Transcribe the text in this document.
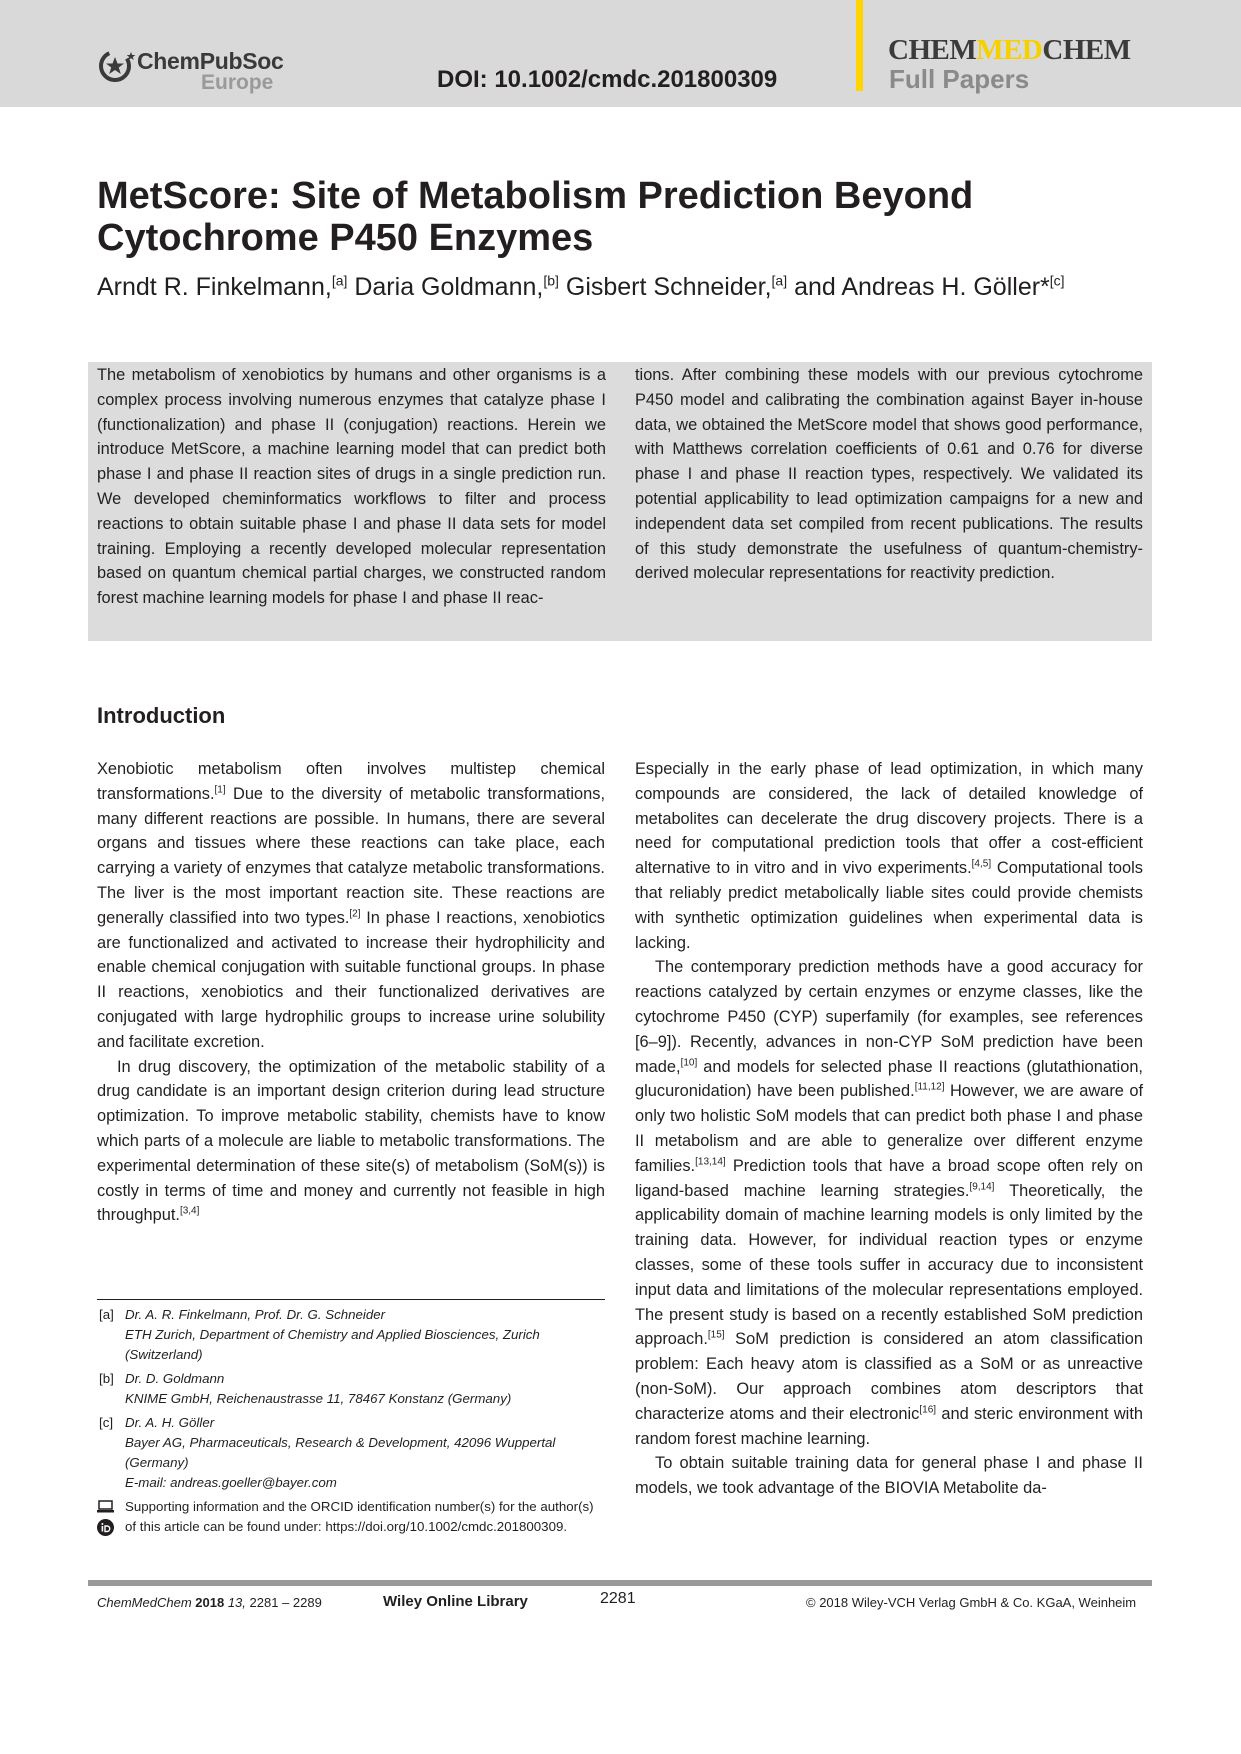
ChemPubSoc
Europe	DOI: 10.1002/cmdc.201800309
CHEMMEDCHEM
Full Papers
MetScore: Site of Metabolism Prediction Beyond Cytochrome P450 Enzymes
Arndt R. Finkelmann,[a] Daria Goldmann,[b] Gisbert Schneider,[a] and Andreas H. Göller*[c]

The metabolism of xenobiotics by humans and other organisms is a complex process involving numerous enzymes that catalyze phase I (functionalization) and phase II (conjugation) reactions. Herein we introduce MetScore, a machine learning model that can predict both phase I and phase II reaction sites of drugs in a single prediction run. We developed cheminformatics workflows to filter and process reactions to obtain suitable phase I and phase II data sets for model training. Employing a recently developed molecular representation based on quantum chemical partial charges, we constructed random forest machine learning models for phase I and phase II reac-

tions. After combining these models with our previous cytochrome P450 model and calibrating the combination against Bayer in-house data, we obtained the MetScore model that shows good performance, with Matthews correlation coefficients of 0.61 and 0.76 for diverse phase I and phase II reaction types, respectively. We validated its potential applicability to lead optimization campaigns for a new and independent data set compiled from recent publications. The results of this study demonstrate the usefulness of quantum-chemistry-derived molecular representations for reactivity prediction.

Introduction

Xenobiotic metabolism often involves multistep chemical transformations.[1] Due to the diversity of metabolic transformations, many different reactions are possible. In humans, there are several organs and tissues where these reactions can take place, each carrying a variety of enzymes that catalyze metabolic transformations. The liver is the most important reaction site. These reactions are generally classified into two types.[2] In phase I reactions, xenobiotics are functionalized and activated to increase their hydrophilicity and enable chemical conjugation with suitable functional groups. In phase II reactions, xenobiotics and their functionalized derivatives are conjugated with large hydrophilic groups to increase urine solubility and facilitate excretion.

In drug discovery, the optimization of the metabolic stability of a drug candidate is an important design criterion during lead structure optimization. To improve metabolic stability, chemists have to know which parts of a molecule are liable to metabolic transformations. The experimental determination of these site(s) of metabolism (SoM(s)) is costly in terms of time and money and currently not feasible in high throughput.[3,4]

Especially in the early phase of lead optimization, in which many compounds are considered, the lack of detailed knowledge of metabolites can decelerate the drug discovery projects. There is a need for computational prediction tools that offer a cost-efficient alternative to in vitro and in vivo experiments.[4,5] Computational tools that reliably predict metabolically liable sites could provide chemists with synthetic optimization guidelines when experimental data is lacking.

The contemporary prediction methods have a good accuracy for reactions catalyzed by certain enzymes or enzyme classes, like the cytochrome P450 (CYP) superfamily (for examples, see references [6–9]). Recently, advances in non-CYP SoM prediction have been made,[10] and models for selected phase II reactions (glutathionation, glucuronidation) have been published.[11,12] However, we are aware of only two holistic SoM models that can predict both phase I and phase II metabolism and are able to generalize over different enzyme families.[13,14] Prediction tools that have a broad scope often rely on ligand-based machine learning strategies.[9,14] Theoretically, the applicability domain of machine learning models is only limited by the training data. However, for individual reaction types or enzyme classes, some of these tools suffer in accuracy due to inconsistent input data and limitations of the molecular representations employed. The present study is based on a recently established SoM prediction approach.[15] SoM prediction is considered an atom classification problem: Each heavy atom is classified as a SoM or as unreactive (non-SoM). Our approach combines atom descriptors that characterize atoms and their electronic[16] and steric environment with random forest machine learning.

To obtain suitable training data for general phase I and phase II models, we took advantage of the BIOVIA Metabolite da-

[a] Dr. A. R. Finkelmann, Prof. Dr. G. Schneider
ETH Zurich, Department of Chemistry and Applied Biosciences, Zurich (Switzerland)
[b] Dr. D. Goldmann
KNIME GmbH, Reichenaustrasse 11, 78467 Konstanz (Germany)
[c] Dr. A. H. Göller
Bayer AG, Pharmaceuticals, Research & Development, 42096 Wuppertal (Germany)
E-mail: andreas.goeller@bayer.com
Supporting information and the ORCID identification number(s) for the author(s) of this article can be found under: https://doi.org/10.1002/cmdc.201800309.
ChemMedChem 2018 13, 2281 – 2289	Wiley Online Library	2281	© 2018 Wiley-VCH Verlag GmbH & Co. KGaA, Weinheim
